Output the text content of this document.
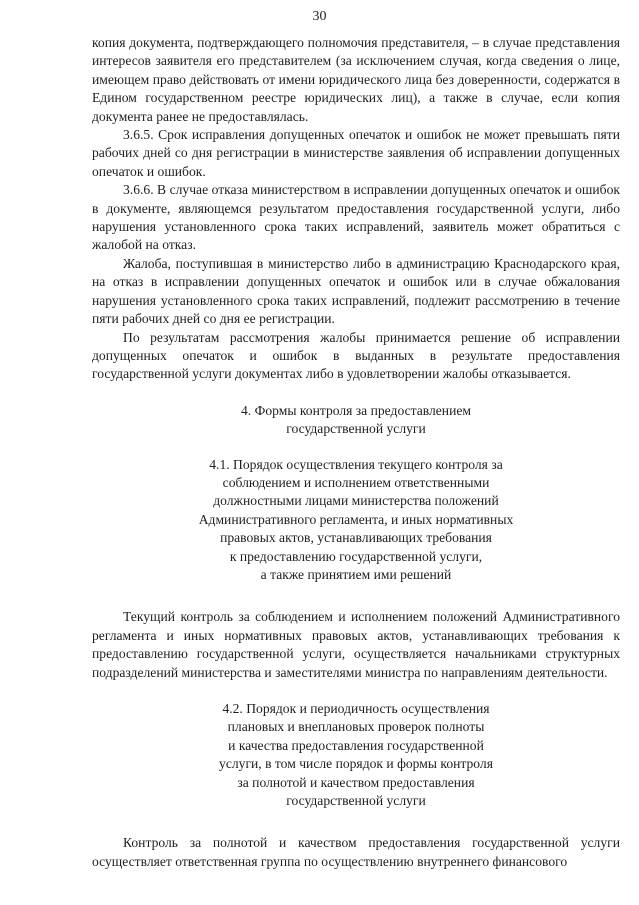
30

копия документа, подтверждающего полномочия представителя, – в случае представления интересов заявителя его представителем (за исключением случая, когда сведения о лице, имеющем право действовать от имени юридического лица без доверенности, содержатся в Едином государственном реестре юридических лиц), а также в случае, если копия документа ранее не предоставлялась.

3.6.5. Срок исправления допущенных опечаток и ошибок не может превышать пяти рабочих дней со дня регистрации в министерстве заявления об исправлении допущенных опечаток и ошибок.

3.6.6. В случае отказа министерством в исправлении допущенных опечаток и ошибок в документе, являющемся результатом предоставления государственной услуги, либо нарушения установленного срока таких исправлений, заявитель может обратиться с жалобой на отказ.

Жалоба, поступившая в министерство либо в администрацию Краснодарского края, на отказ в исправлении допущенных опечаток и ошибок или в случае обжалования нарушения установленного срока таких исправлений, подлежит рассмотрению в течение пяти рабочих дней со дня ее регистрации.

По результатам рассмотрения жалобы принимается решение об исправлении допущенных опечаток и ошибок в выданных в результате предоставления государственной услуги документах либо в удовлетворении жалобы отказывается.

4. Формы контроля за предоставлением
государственной услуги

4.1. Порядок осуществления текущего контроля за
соблюдением и исполнением ответственными
должностными лицами министерства положений
Административного регламента, и иных нормативных
правовых актов, устанавливающих требования
к предоставлению государственной услуги,
а также принятием ими решений

Текущий контроль за соблюдением и исполнением положений Административного регламента и иных нормативных правовых актов, устанавливающих требования к предоставлению государственной услуги, осуществляется начальниками структурных подразделений министерства и заместителями министра по направлениям деятельности.

4.2. Порядок и периодичность осуществления
плановых и внеплановых проверок полноты
и качества предоставления государственной
услуги, в том числе порядок и формы контроля
за полнотой и качеством предоставления
государственной услуги

Контроль за полнотой и качеством предоставления государственной услуги осуществляет ответственная группа по осуществлению внутреннего финансового
